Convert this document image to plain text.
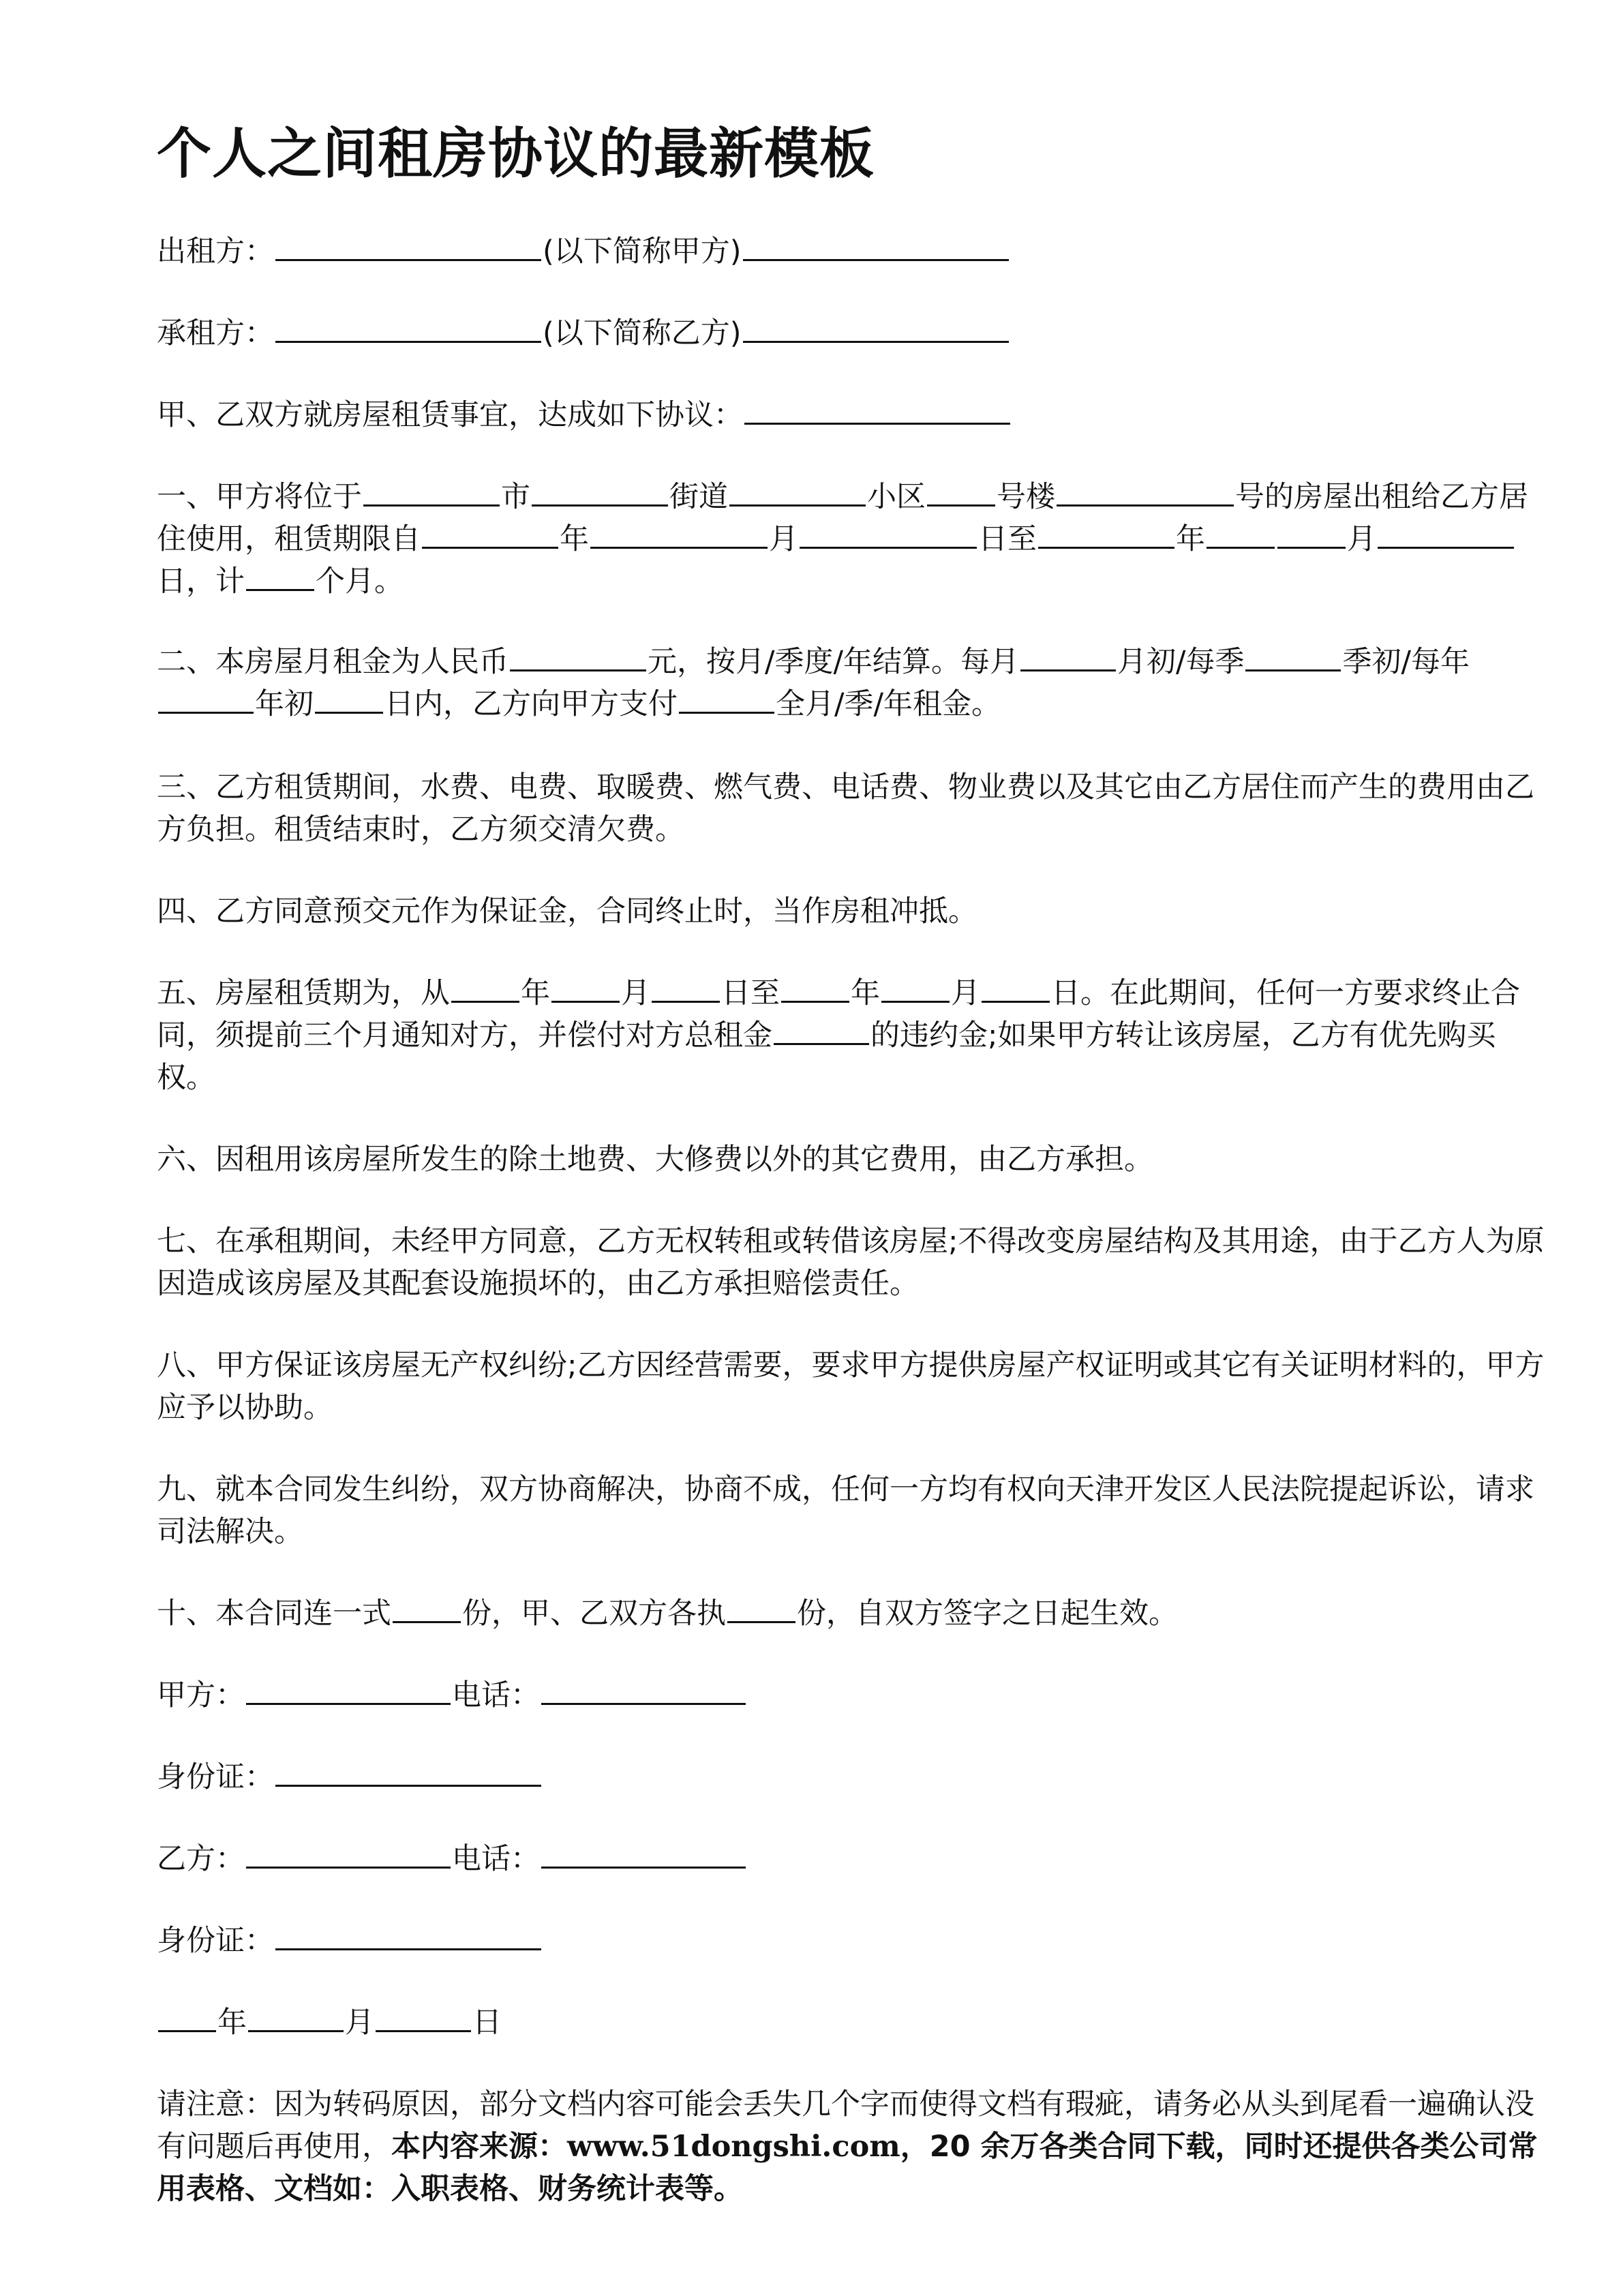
个人之间租房协议的最新模板

出租方：	(以下简称甲方)

承租方：	(以下简称乙方)

甲、乙双方就房屋租赁事宜，达成如下协议：

一、甲方将位于	市	街道	小区 号楼	号的房屋出租给乙方居住使用，租赁期限自	年	月	日至	年	月日，计 个月。

二、本房屋月租金为人民币	元，按月/季度/年结算。每月	月初/每季	季初/每年年初 日内，乙方向甲方支付	全月/季/年租金。

三、乙方租赁期间，水费、电费、取暖费、燃气费、电话费、物业费以及其它由乙方居住而产生的费用由乙方负担。租赁结束时，乙方须交清欠费。

四、乙方同意预交元作为保证金，合同终止时，当作房租冲抵。

五、房屋租赁期为，从 年 月 日至 年 月 日。在此期间，任何一方要求终止合同，须提前三个月通知对方，并偿付对方总租金	的违约金;如果甲方转让该房屋，乙方有优先购买权。

六、因租用该房屋所发生的除土地费、大修费以外的其它费用，由乙方承担。

七、在承租期间，未经甲方同意，乙方无权转租或转借该房屋;不得改变房屋结构及其用途，由于乙方人为原因造成该房屋及其配套设施损坏的，由乙方承担赔偿责任。

八、甲方保证该房屋无产权纠纷;乙方因经营需要，要求甲方提供房屋产权证明或其它有关证明材料的，甲方应予以协助。

九、就本合同发生纠纷，双方协商解决，协商不成，任何一方均有权向天津开发区人民法院提起诉讼，请求司法解决。

十、本合同连一式 份，甲、乙双方各执 份，自双方签字之日起生效。

甲方：	电话：

身份证：

乙方：	电话：

身份证：

年	月	日

请注意：因为转码原因，部分文档内容可能会丢失几个字而使得文档有瑕疵，请务必从头到尾看一遍确认没有问题后再使用，本内容来源：www.51dongshi.com，20 余万各类合同下载，同时还提供各类公司常用表格、文档如：入职表格、财务统计表等。
